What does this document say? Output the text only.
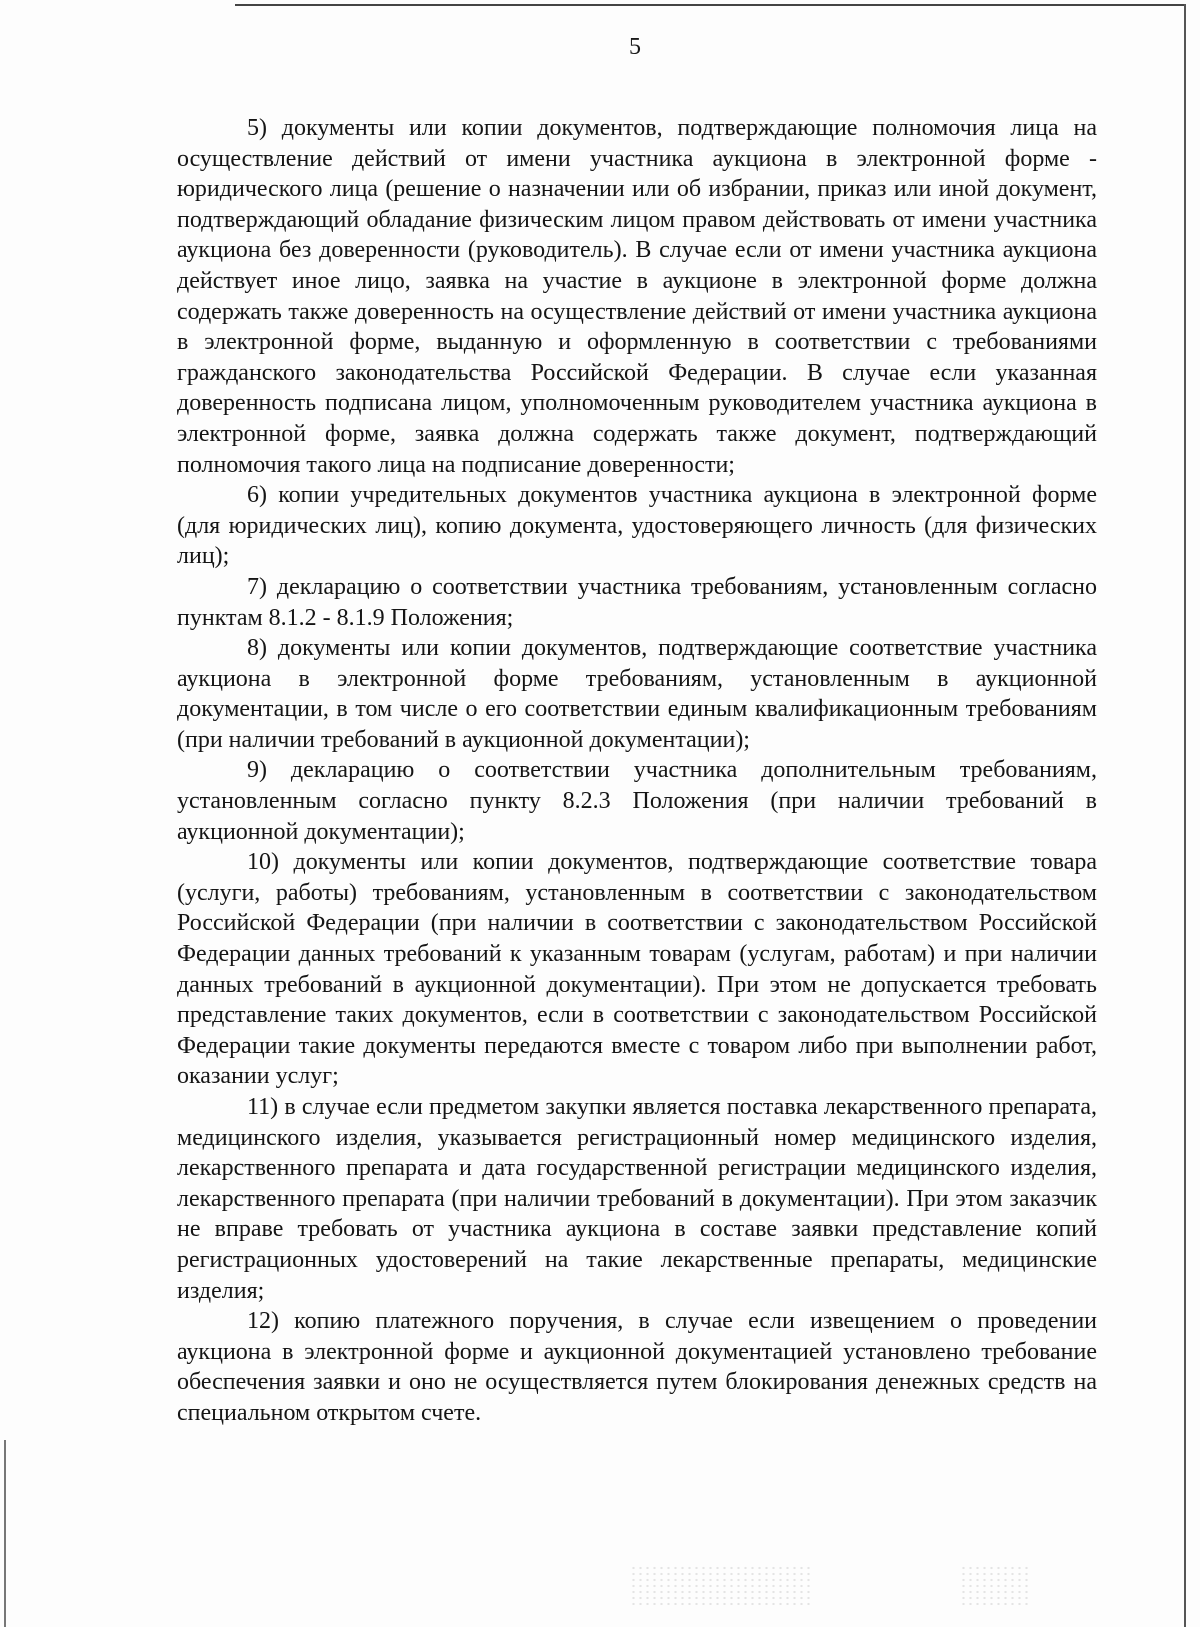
5

5) документы или копии документов, подтверждающие полномочия лица на осуществление действий от имени участника аукциона в электронной форме - юридического лица (решение о назначении или об избрании, приказ или иной документ, подтверждающий обладание физическим лицом правом действовать от имени участника аукциона без доверенности (руководитель). В случае если от имени участника аукциона действует иное лицо, заявка на участие в аукционе в электронной форме должна содержать также доверенность на осуществление действий от имени участника аукциона в электронной форме, выданную и оформленную в соответствии с требованиями гражданского законодательства Российской Федерации. В случае если указанная доверенность подписана лицом, уполномоченным руководителем участника аукциона в электронной форме, заявка должна содержать также документ, подтверждающий полномочия такого лица на подписание доверенности;

6) копии учредительных документов участника аукциона в электронной форме (для юридических лиц), копию документа, удостоверяющего личность (для физических лиц);

7) декларацию о соответствии участника требованиям, установленным согласно пунктам 8.1.2 - 8.1.9 Положения;

8) документы или копии документов, подтверждающие соответствие участника аукциона в электронной форме требованиям, установленным в аукционной документации, в том числе о его соответствии единым квалификационным требованиям (при наличии требований в аукционной документации);

9) декларацию о соответствии участника дополнительным требованиям, установленным согласно пункту 8.2.3 Положения (при наличии требований в аукционной документации);

10) документы или копии документов, подтверждающие соответствие товара (услуги, работы) требованиям, установленным в соответствии с законодательством Российской Федерации (при наличии в соответствии с законодательством Российской Федерации данных требований к указанным товарам (услугам, работам) и при наличии данных требований в аукционной документации). При этом не допускается требовать представление таких документов, если в соответствии с законодательством Российской Федерации такие документы передаются вместе с товаром либо при выполнении работ, оказании услуг;

11) в случае если предметом закупки является поставка лекарственного препарата, медицинского изделия, указывается регистрационный номер медицинского изделия, лекарственного препарата и дата государственной регистрации медицинского изделия, лекарственного препарата (при наличии требований в документации). При этом заказчик не вправе требовать от участника аукциона в составе заявки представление копий регистрационных удостоверений на такие лекарственные препараты, медицинские изделия;

12) копию платежного поручения, в случае если извещением о проведении аукциона в электронной форме и аукционной документацией установлено требование обеспечения заявки и оно не осуществляется путем блокирования денежных средств на специальном открытом счете.
